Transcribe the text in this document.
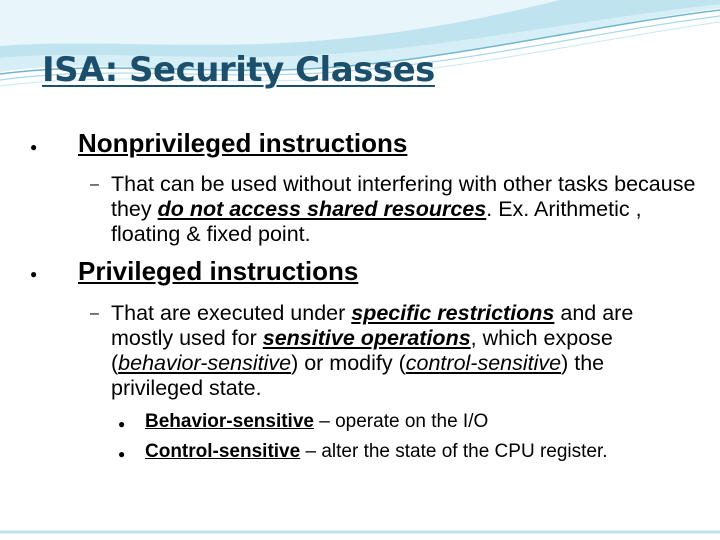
ISA: Security Classes
● Nonprivileged instructions
– That can be used without interfering with other tasks because they do not access shared resources. Ex. Arithmetic , floating & fixed point.
● Privileged instructions
– That are executed under specific restrictions and are mostly used for sensitive operations, which expose (behavior-sensitive) or modify (control-sensitive) the privileged state.
● Behavior-sensitive – operate on the I/O
● Control-sensitive – alter the state of the CPU register.
